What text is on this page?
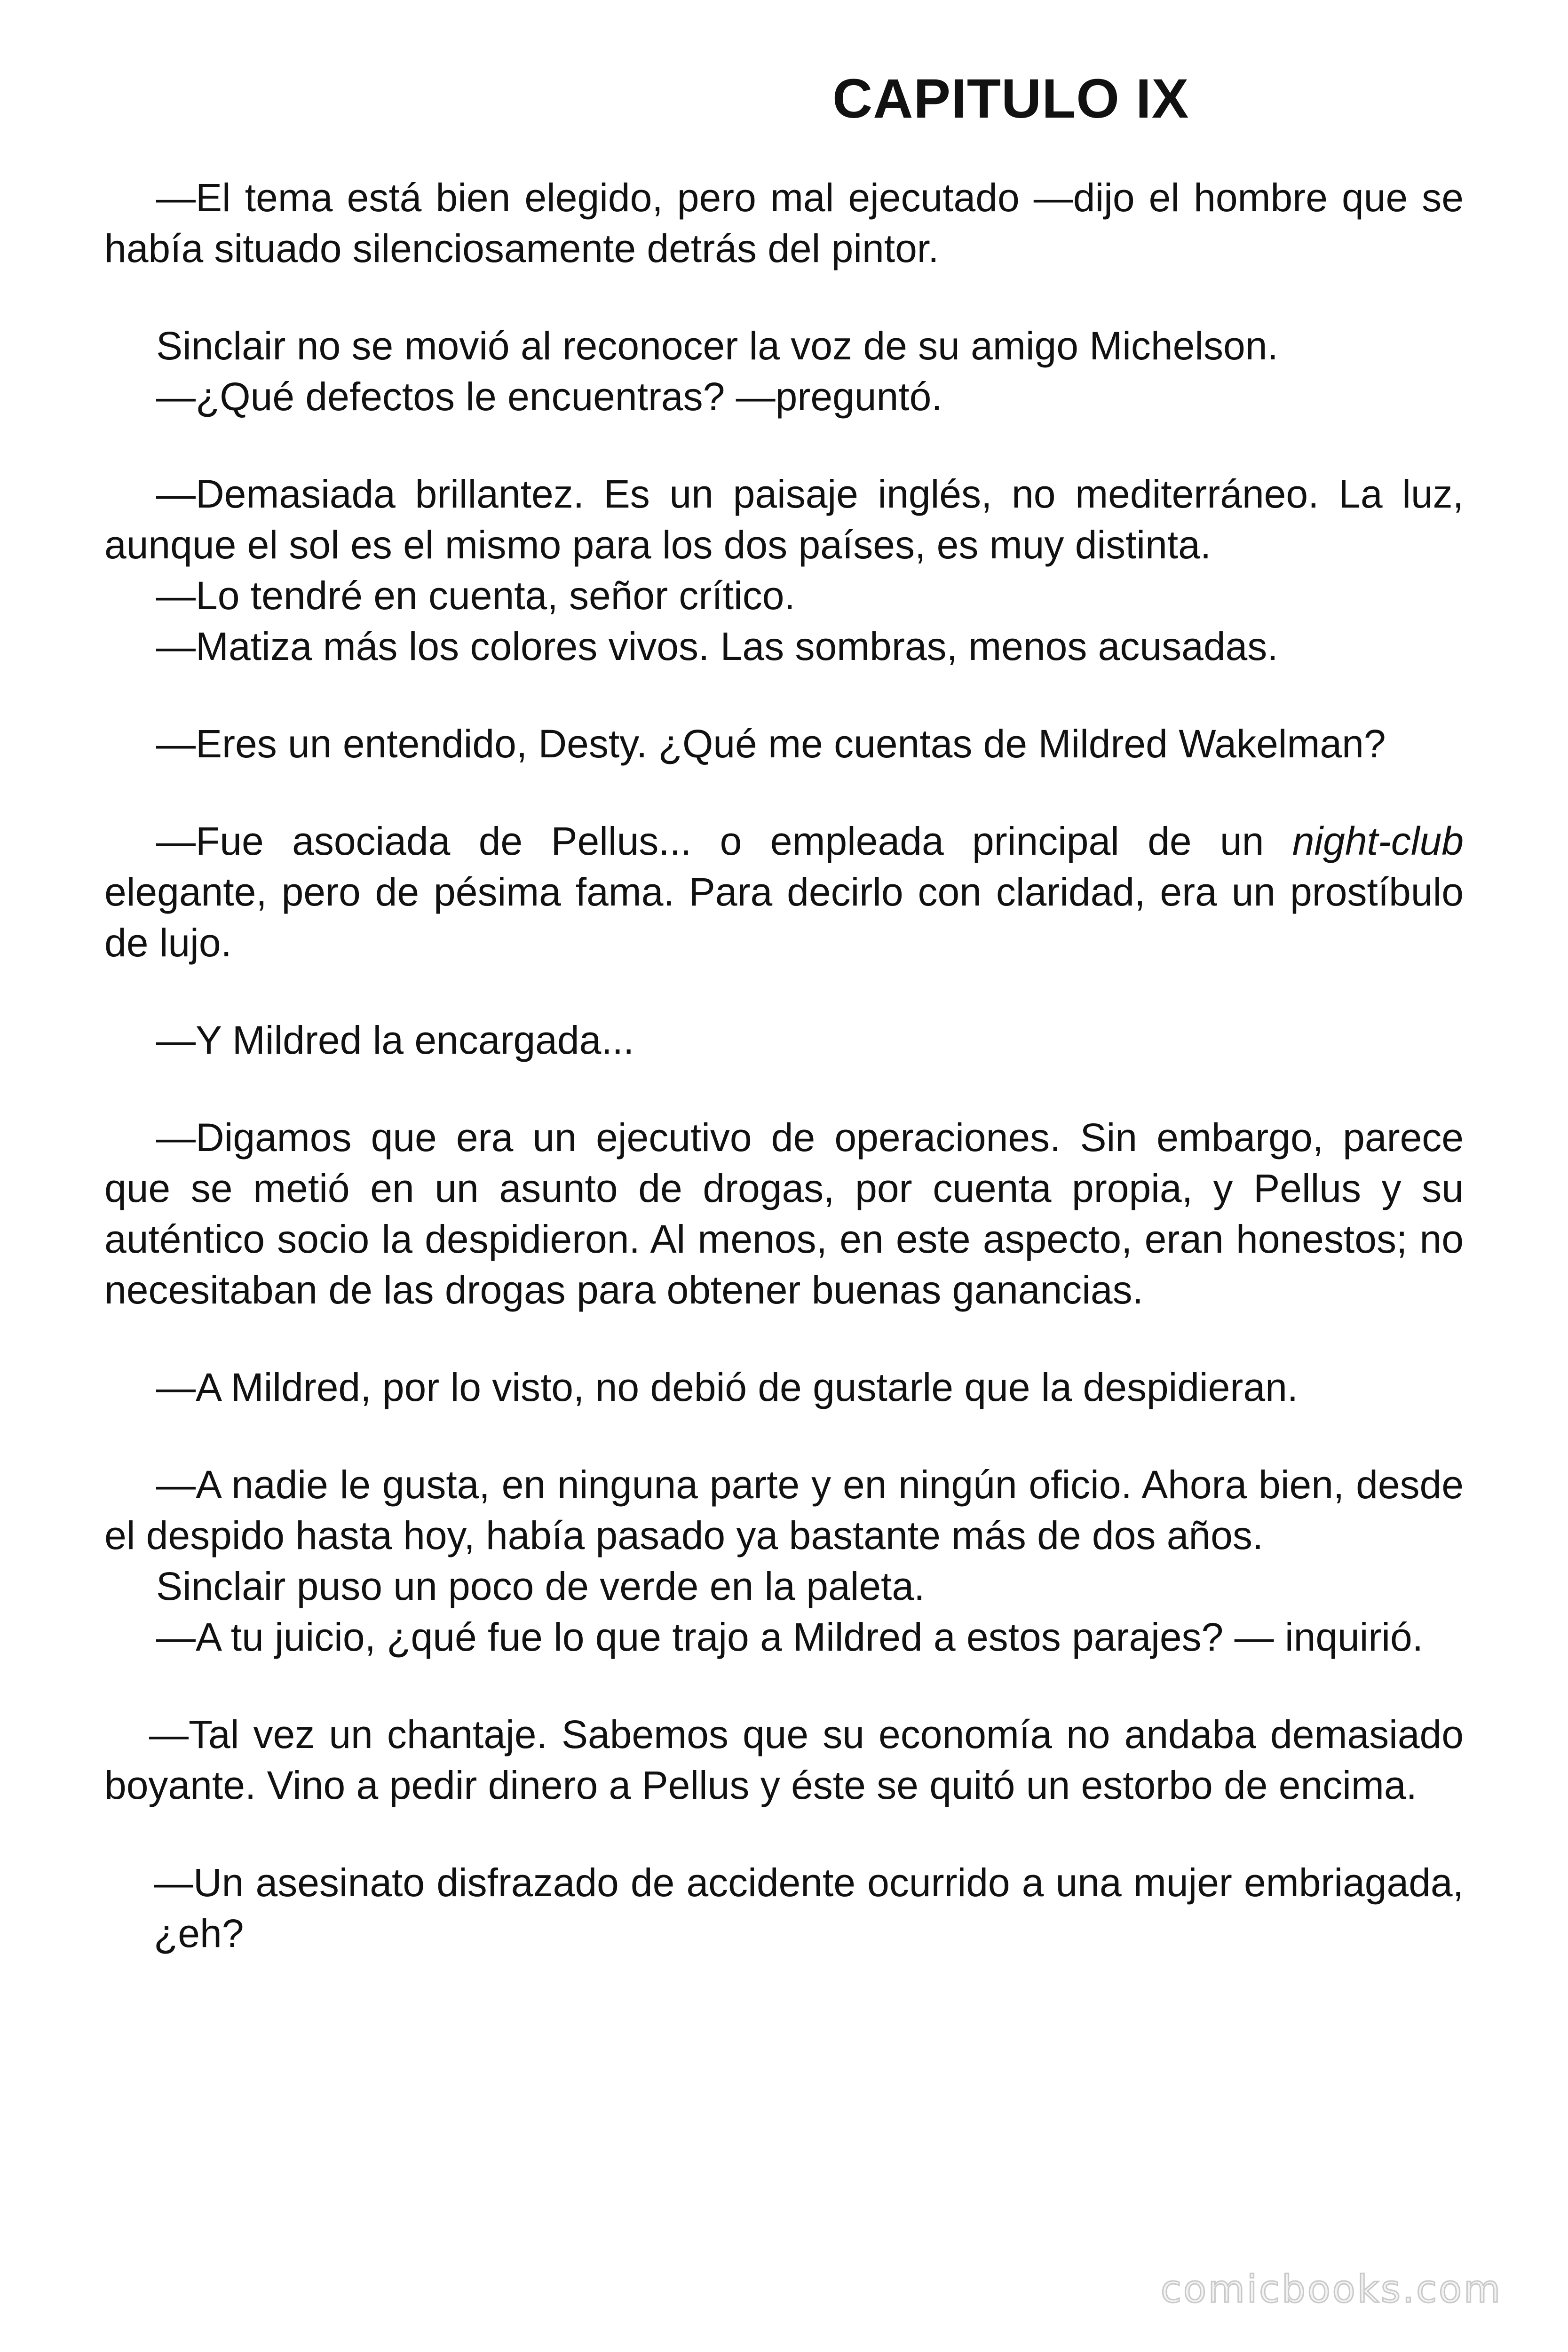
CAPITULO IX

—El tema está bien elegido, pero mal ejecutado —dijo el hombre que se había situado silenciosamente detrás del pintor.

Sinclair no se movió al reconocer la voz de su amigo Michelson.

—¿Qué defectos le encuentras? —preguntó.

—Demasiada brillantez. Es un paisaje inglés, no mediterráneo. La luz, aunque el sol es el mismo para los dos países, es muy distinta.

—Lo tendré en cuenta, señor crítico.

—Matiza más los colores vivos. Las sombras, menos acusadas.

—Eres un entendido, Desty. ¿Qué me cuentas de Mildred Wakelman?

—Fue asociada de Pellus... o empleada principal de un night-club elegante, pero de pésima fama. Para decirlo con claridad, era un prostíbulo de lujo.

—Y Mildred la encargada...

—Digamos que era un ejecutivo de operaciones. Sin embargo, parece que se metió en un asunto de drogas, por cuenta propia, y Pellus y su auténtico socio la despidieron. Al menos, en este aspecto, eran honestos; no necesitaban de las drogas para obtener buenas ganancias.

—A Mildred, por lo visto, no debió de gustarle que la despidieran.

—A nadie le gusta, en ninguna parte y en ningún oficio. Ahora bien, desde el despido hasta hoy, había pasado ya bastante más de dos años.

Sinclair puso un poco de verde en la paleta.

—A tu juicio, ¿qué fue lo que trajo a Mildred a estos parajes? — inquirió.

—Tal vez un chantaje. Sabemos que su economía no andaba demasiado boyante. Vino a pedir dinero a Pellus y éste se quitó un estorbo de encima.

—Un asesinato disfrazado de accidente ocurrido a una mujer embriagada, ¿eh?

comicbooks.com
